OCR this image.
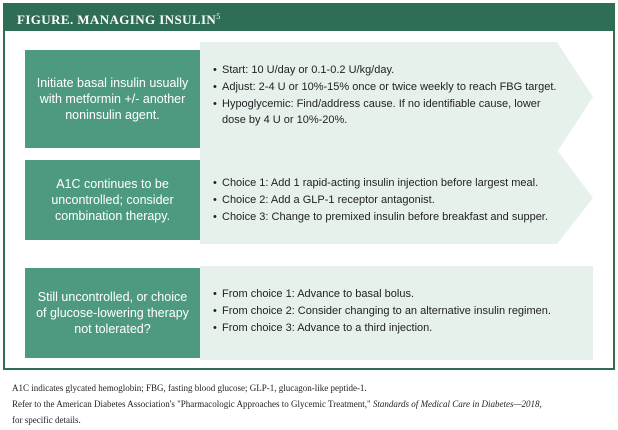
FIGURE. MANAGING INSULIN$^5$
Initiate basal insulin usually with metformin +/- another noninsulin agent.
• Start: 10 U/day or 0.1-0.2 U/kg/day.
• Adjust: 2-4 U or 10%-15% once or twice weekly to reach FBG target.
• Hypoglycemic: Find/address cause. If no identifiable cause, lower dose by 4 U or 10%-20%.
A1C continues to be uncontrolled; consider combination therapy.
• Choice 1: Add 1 rapid-acting insulin injection before largest meal.
• Choice 2: Add a GLP-1 receptor antagonist.
• Choice 3: Change to premixed insulin before breakfast and supper.
Still uncontrolled, or choice of glucose-lowering therapy not tolerated?
• From choice 1: Advance to basal bolus.
• From choice 2: Consider changing to an alternative insulin regimen.
• From choice 3: Advance to a third injection.

A1C indicates glycated hemoglobin; FBG, fasting blood glucose; GLP-1, glucagon-like peptide-1.

Refer to the American Diabetes Association's "Pharmacologic Approaches to Glycemic Treatment," Standards of Medical Care in Diabetes—2018,

for specific details.
